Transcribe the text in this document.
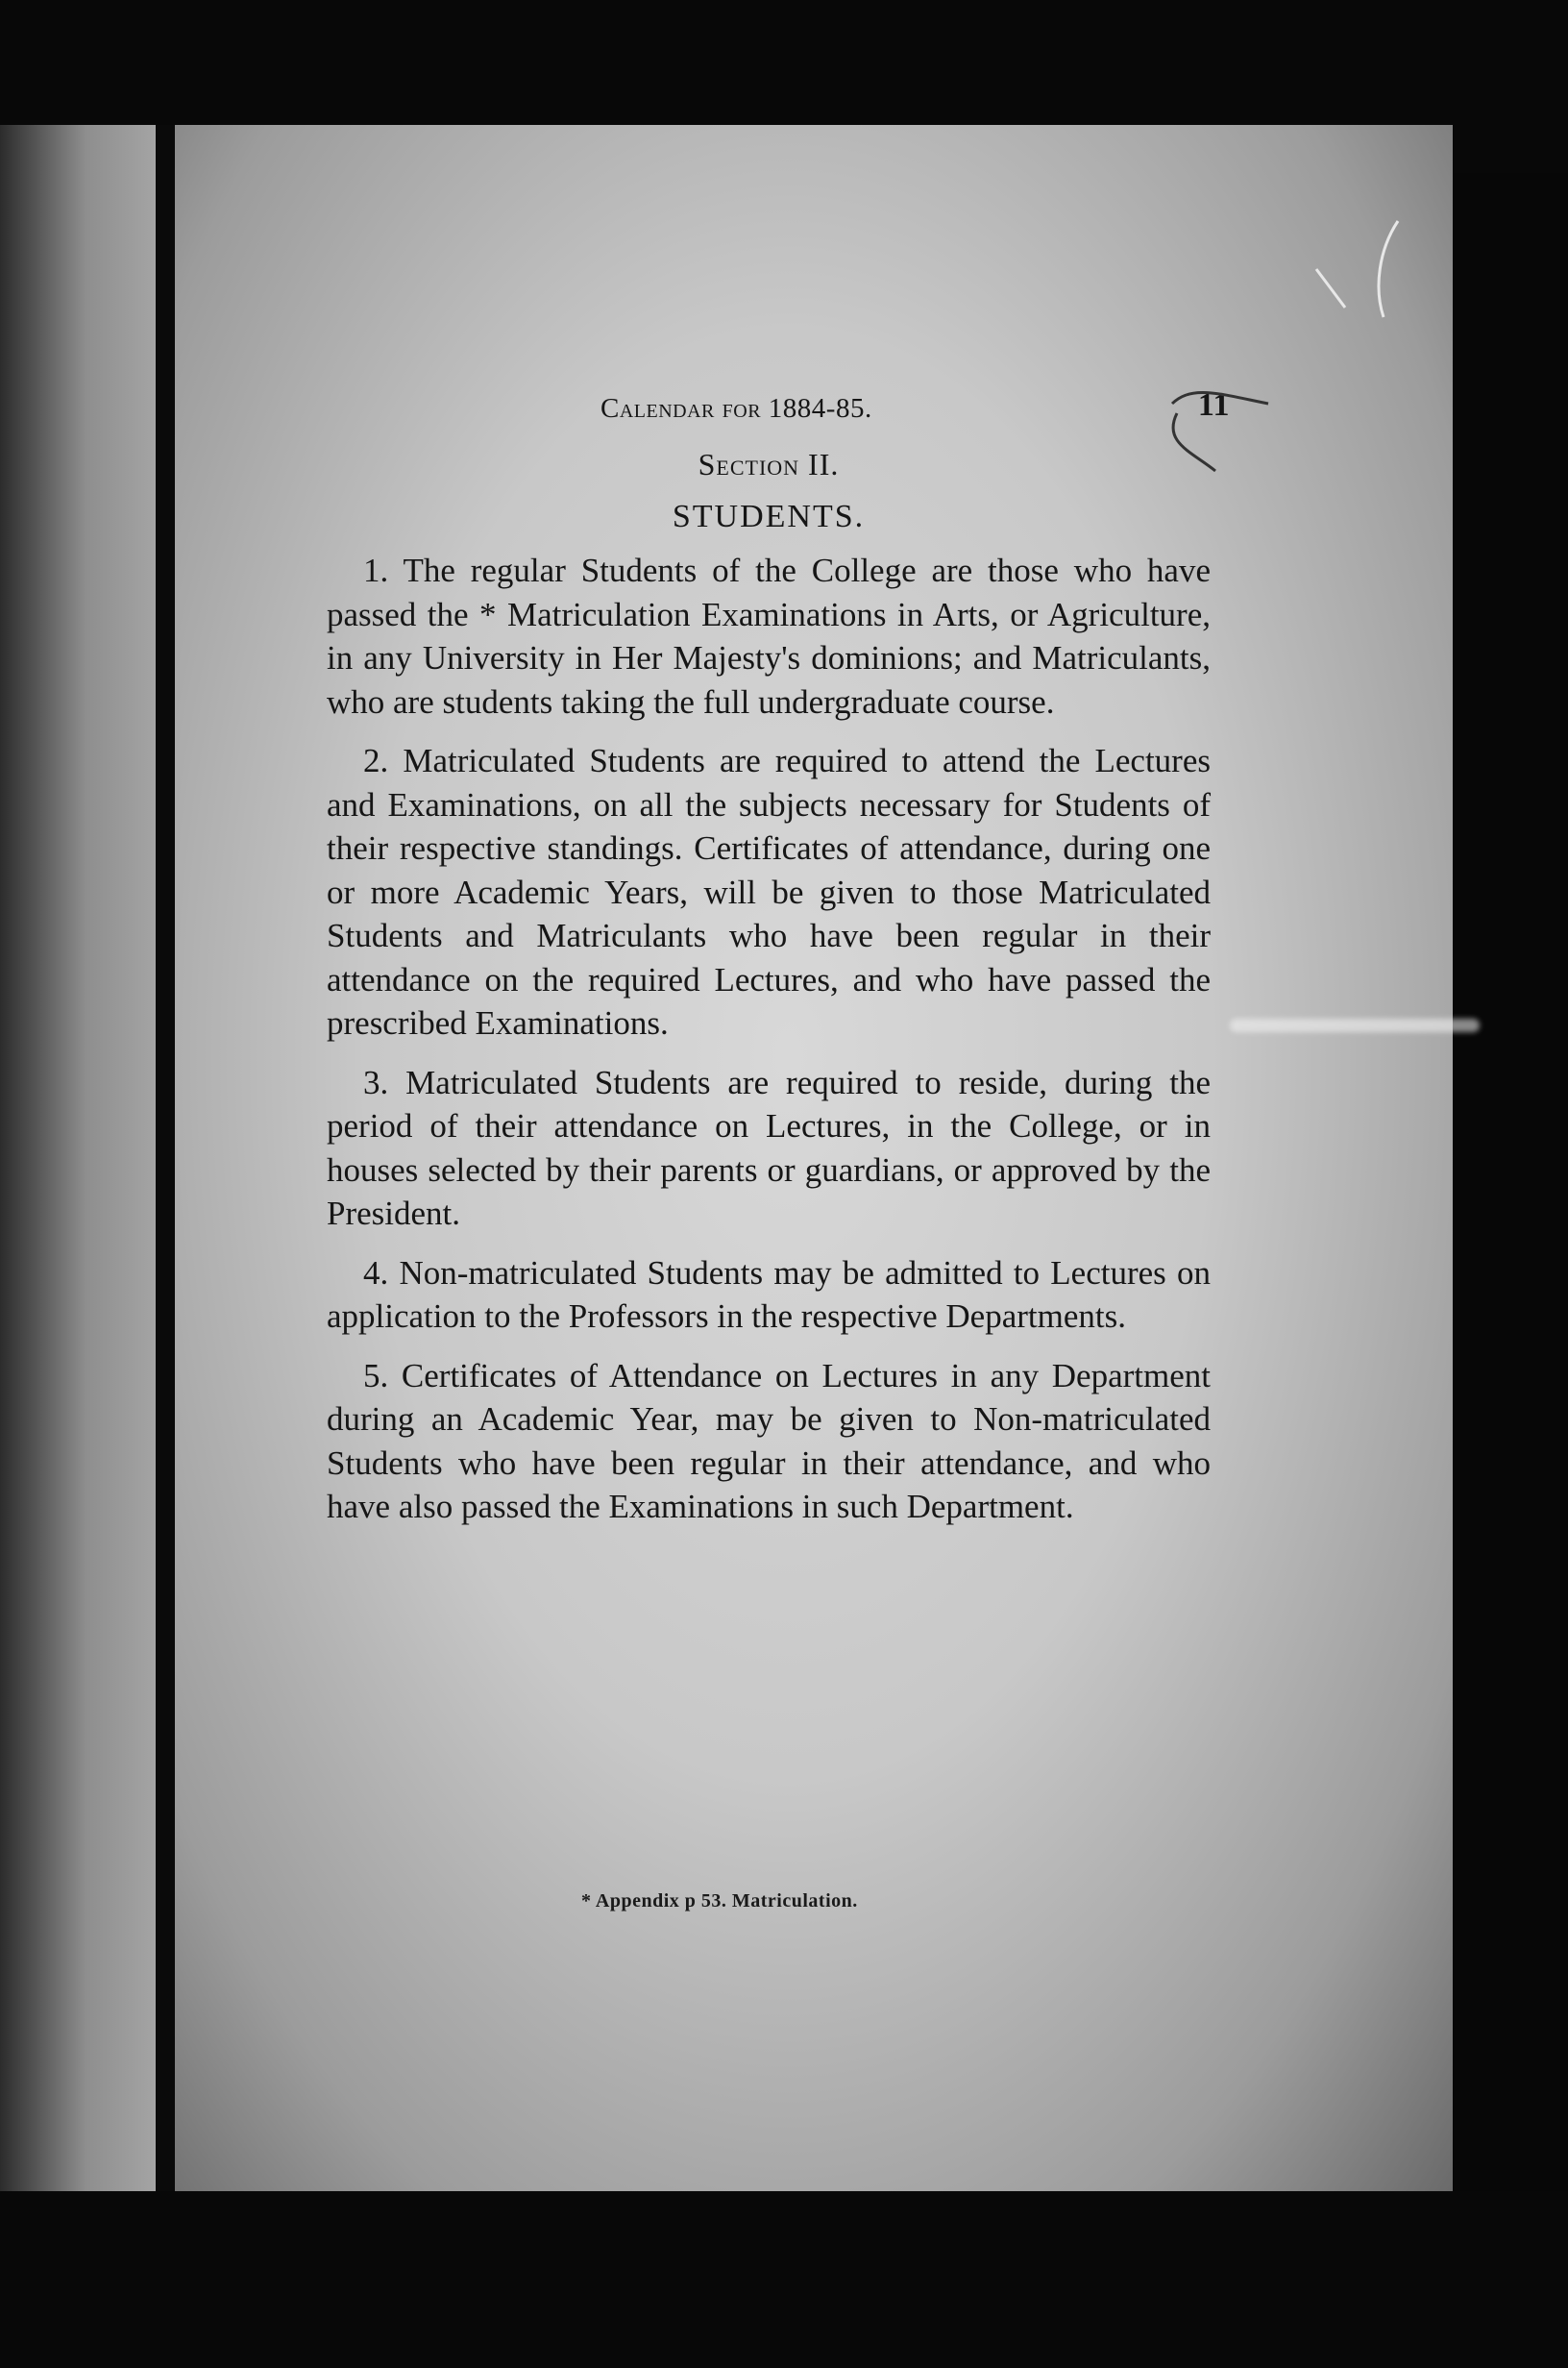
Calendar for 1884-85.	11
Section II.
STUDENTS.

1. The regular Students of the College are those who have passed the * Matriculation Examinations in Arts, or Agriculture, in any University in Her Majesty's dominions; and Matriculants, who are students taking the full undergraduate course.

2. Matriculated Students are required to attend the Lectures and Examinations, on all the subjects necessary for Students of their respective standings. Certificates of attendance, during one or more Academic Years, will be given to those Matriculated Students and Matriculants who have been regular in their attendance on the required Lectures, and who have passed the prescribed Examinations.

3. Matriculated Students are required to reside, during the period of their attendance on Lectures, in the College, or in houses selected by their parents or guardians, or approved by the President.

4. Non-matriculated Students may be admitted to Lectures on application to the Professors in the respective Departments.

5. Certificates of Attendance on Lectures in any Department during an Academic Year, may be given to Non-matriculated Students who have been regular in their attendance, and who have also passed the Examinations in such Department.

* Appendix p 53. Matriculation.
